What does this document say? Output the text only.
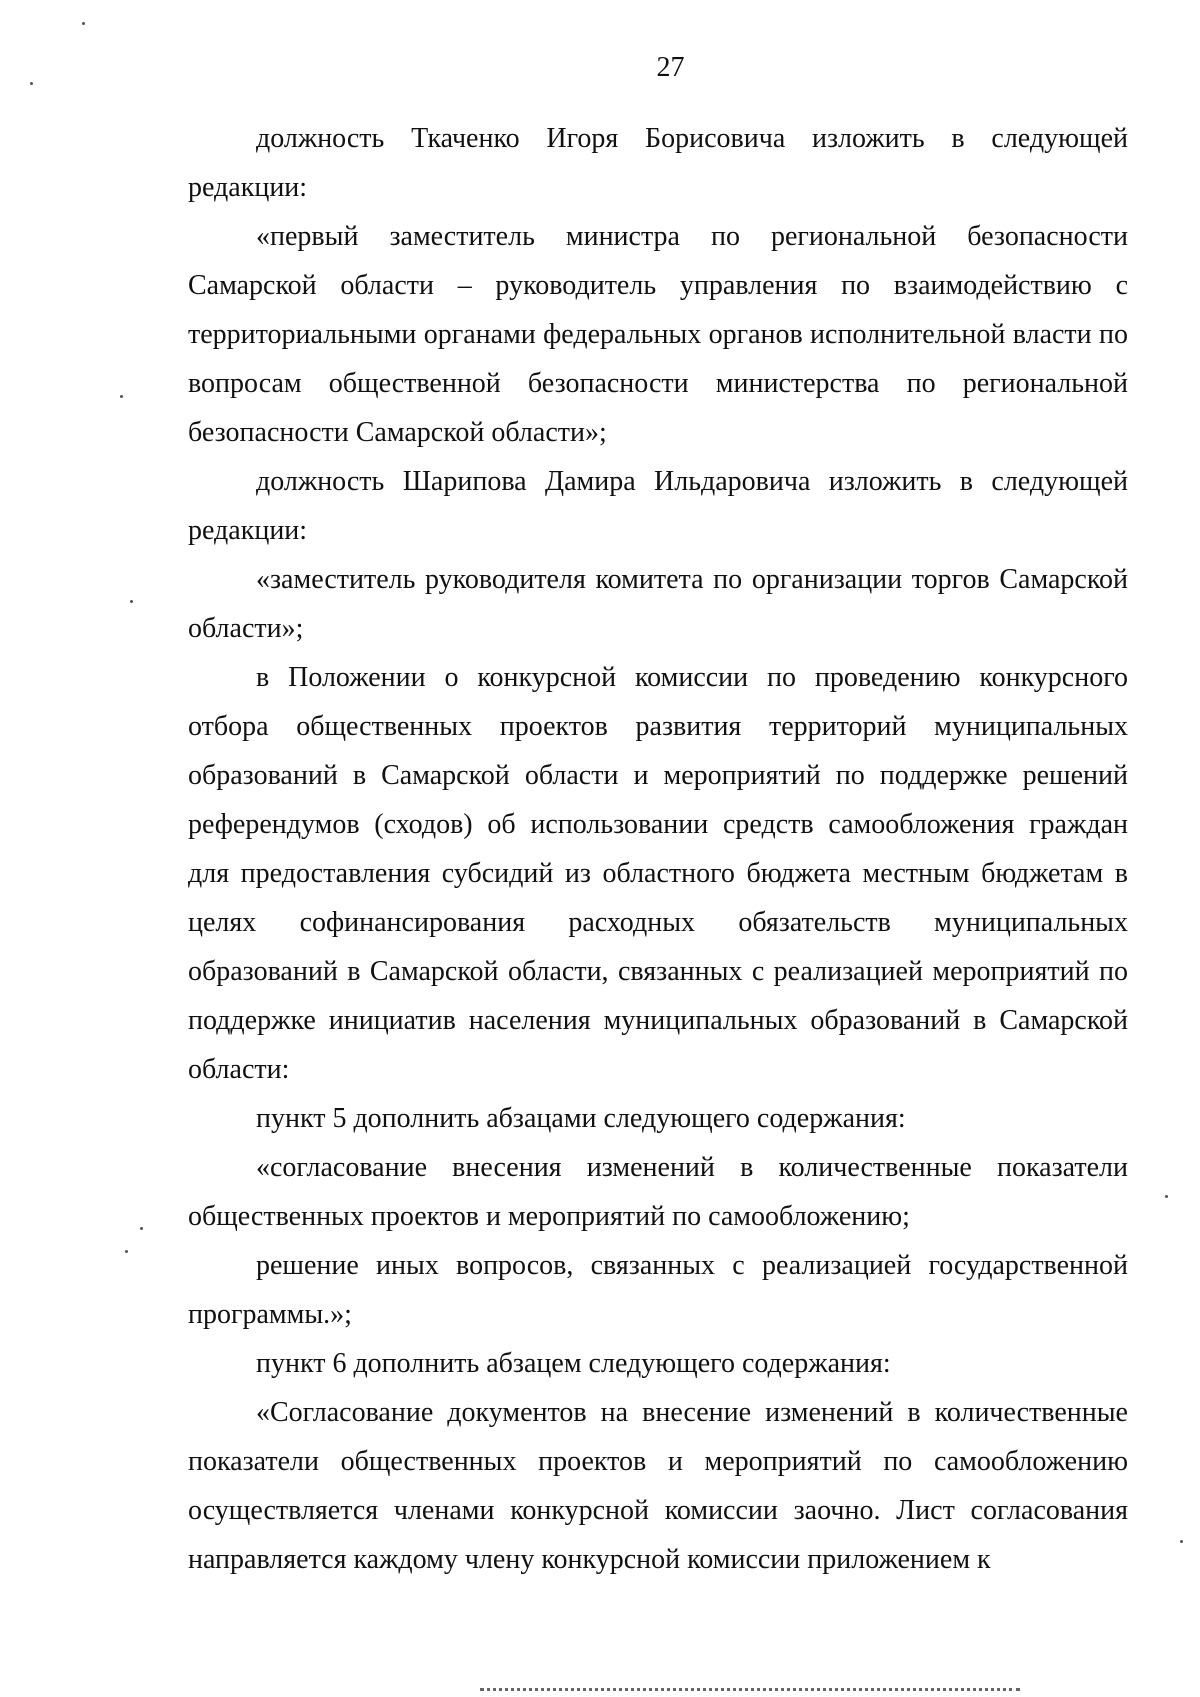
27

должность Ткаченко Игоря Борисовича изложить в следующей редакции:

«первый заместитель министра по региональной безопасности Самарской области – руководитель управления по взаимодействию с территориальными органами федеральных органов исполнительной власти по вопросам общественной безопасности министерства по региональной безопасности Самарской области»;

должность Шарипова Дамира Ильдаровича изложить в следующей редакции:

«заместитель руководителя комитета по организации торгов Самарской области»;

в Положении о конкурсной комиссии по проведению конкурсного отбора общественных проектов развития территорий муниципальных образований в Самарской области и мероприятий по поддержке решений референдумов (сходов) об использовании средств самообложения граждан для предоставления субсидий из областного бюджета местным бюджетам в целях софинансирования расходных обязательств муниципальных образований в Самарской области, связанных с реализацией мероприятий по поддержке инициатив населения муниципальных образований в Самарской области:

пункт 5 дополнить абзацами следующего содержания:

«согласование внесения изменений в количественные показатели общественных проектов и мероприятий по самообложению;

решение иных вопросов, связанных с реализацией государственной программы.»;

пункт 6 дополнить абзацем следующего содержания:

«Согласование документов на внесение изменений в количественные показатели общественных проектов и мероприятий по самообложению осуществляется членами конкурсной комиссии заочно. Лист согласования направляется каждому члену конкурсной комиссии приложением к
